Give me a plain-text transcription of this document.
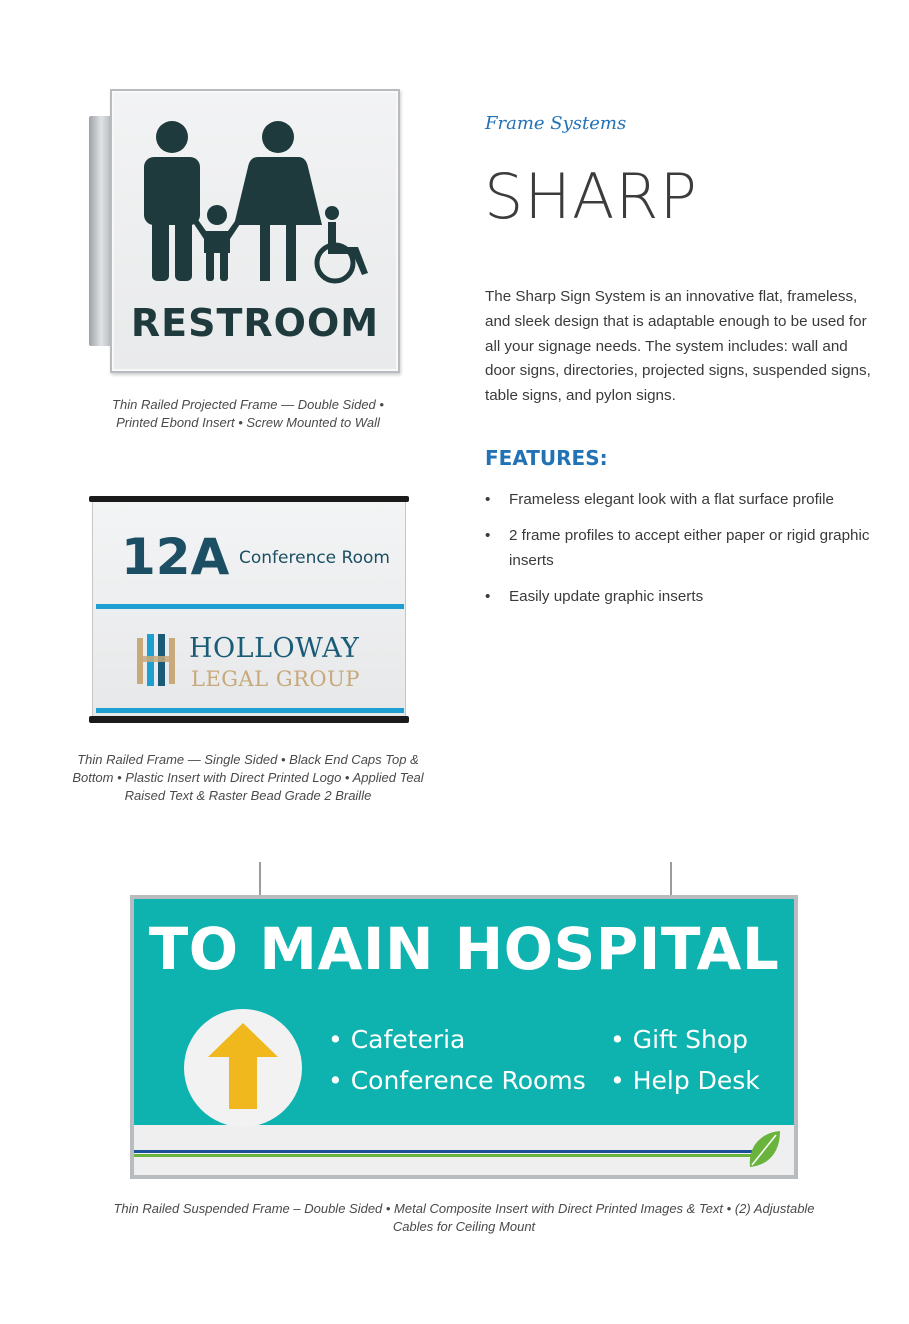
RESTROOM
Thin Railed Projected Frame — Double Sided • Printed Ebond Insert • Screw Mounted to Wall
Frame Systems
SHARP
The Sharp Sign System is an innovative flat, frameless, and sleek design that is adaptable enough to be used for all your signage needs. The system includes: wall and door signs, directories, projected signs, suspended signs, table signs, and pylon signs.
FEATURES:
• Frameless elegant look with a flat surface profile
• 2 frame profiles to accept either paper or rigid graphic inserts
• Easily update graphic inserts
12A Conference Room
HOLLOWAY
LEGAL GROUP
Thin Railed Frame — Single Sided • Black End Caps Top & Bottom • Plastic Insert with Direct Printed Logo • Applied Teal Raised Text & Raster Bead Grade 2 Braille
TO MAIN HOSPITAL
• Cafeteria
• Conference Rooms
• Gift Shop
• Help Desk
Thin Railed Suspended Frame – Double Sided • Metal Composite Insert with Direct Printed Images & Text • (2) Adjustable Cables for Ceiling Mount
